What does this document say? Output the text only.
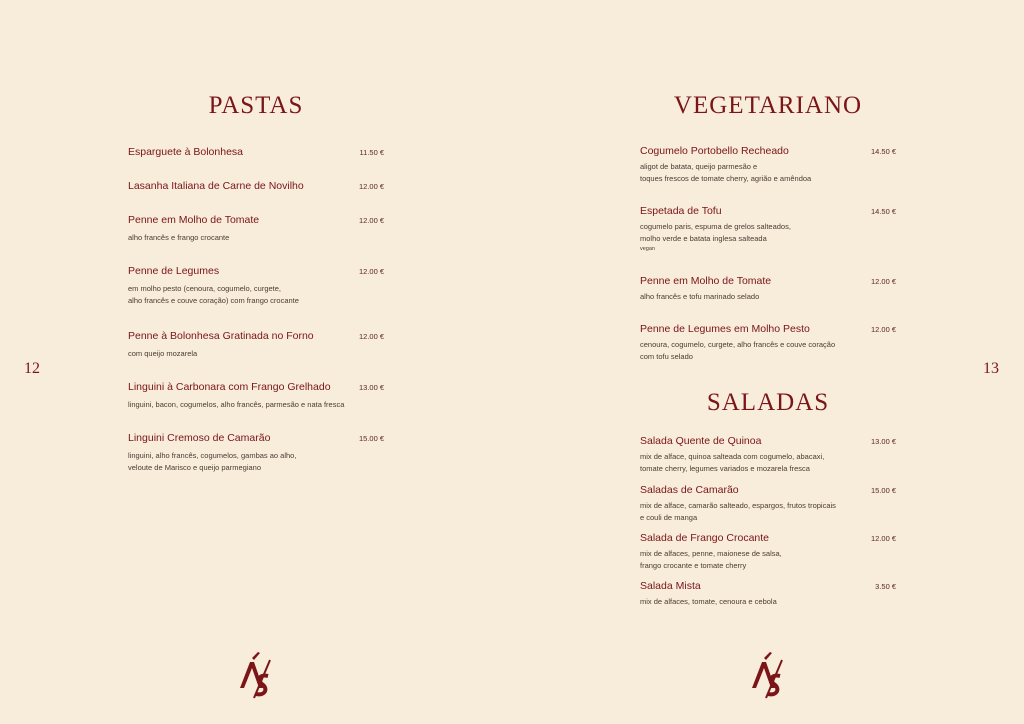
PASTAS
Esparguete à Bolonhesa	11.50 €
Lasanha Italiana de Carne de Novilho	12.00 €
Penne em Molho de Tomate	12.00 €
alho francês e frango crocante
Penne de Legumes	12.00 €
em molho pesto (cenoura, cogumelo, curgete,
alho francês e couve coração) com frango crocante
Penne à Bolonhesa Gratinada no Forno	12.00 €
com queijo mozarela
Linguini à Carbonara com Frango Grelhado	13.00 €
linguini, bacon, cogumelos, alho francês, parmesão e nata fresca
Linguini Cremoso de Camarão	15.00 €
linguini, alho francês, cogumelos, gambas ao alho,
veloute de Marisco e queijo parmegiano
12
VEGETARIANO
Cogumelo Portobello Recheado	14.50 €
aligot de batata, queijo parmesão e
toques frescos de tomate cherry, agrião e amêndoa
Espetada de Tofu	14.50 €
cogumelo paris, espuma de grelos salteados,
molho verde e batata inglesa salteada
vegan
Penne em Molho de Tomate	12.00 €
alho francês e tofu marinado selado
Penne de Legumes em Molho Pesto	12.00 €
cenoura, cogumelo, curgete, alho francês e couve coração
com tofu selado
SALADAS
Salada Quente de Quinoa	13.00 €
mix de alface, quinoa salteada com cogumelo, abacaxi,
tomate cherry, legumes variados e mozarela fresca
Saladas de Camarão	15.00 €
mix de alface, camarão salteado, espargos, frutos tropicais
e couli de manga
Salada de Frango Crocante	12.00 €
mix de alfaces, penne, maionese de salsa,
frango crocante e tomate cherry
Salada Mista	3.50 €
mix de alfaces, tomate, cenoura e cebola
13
